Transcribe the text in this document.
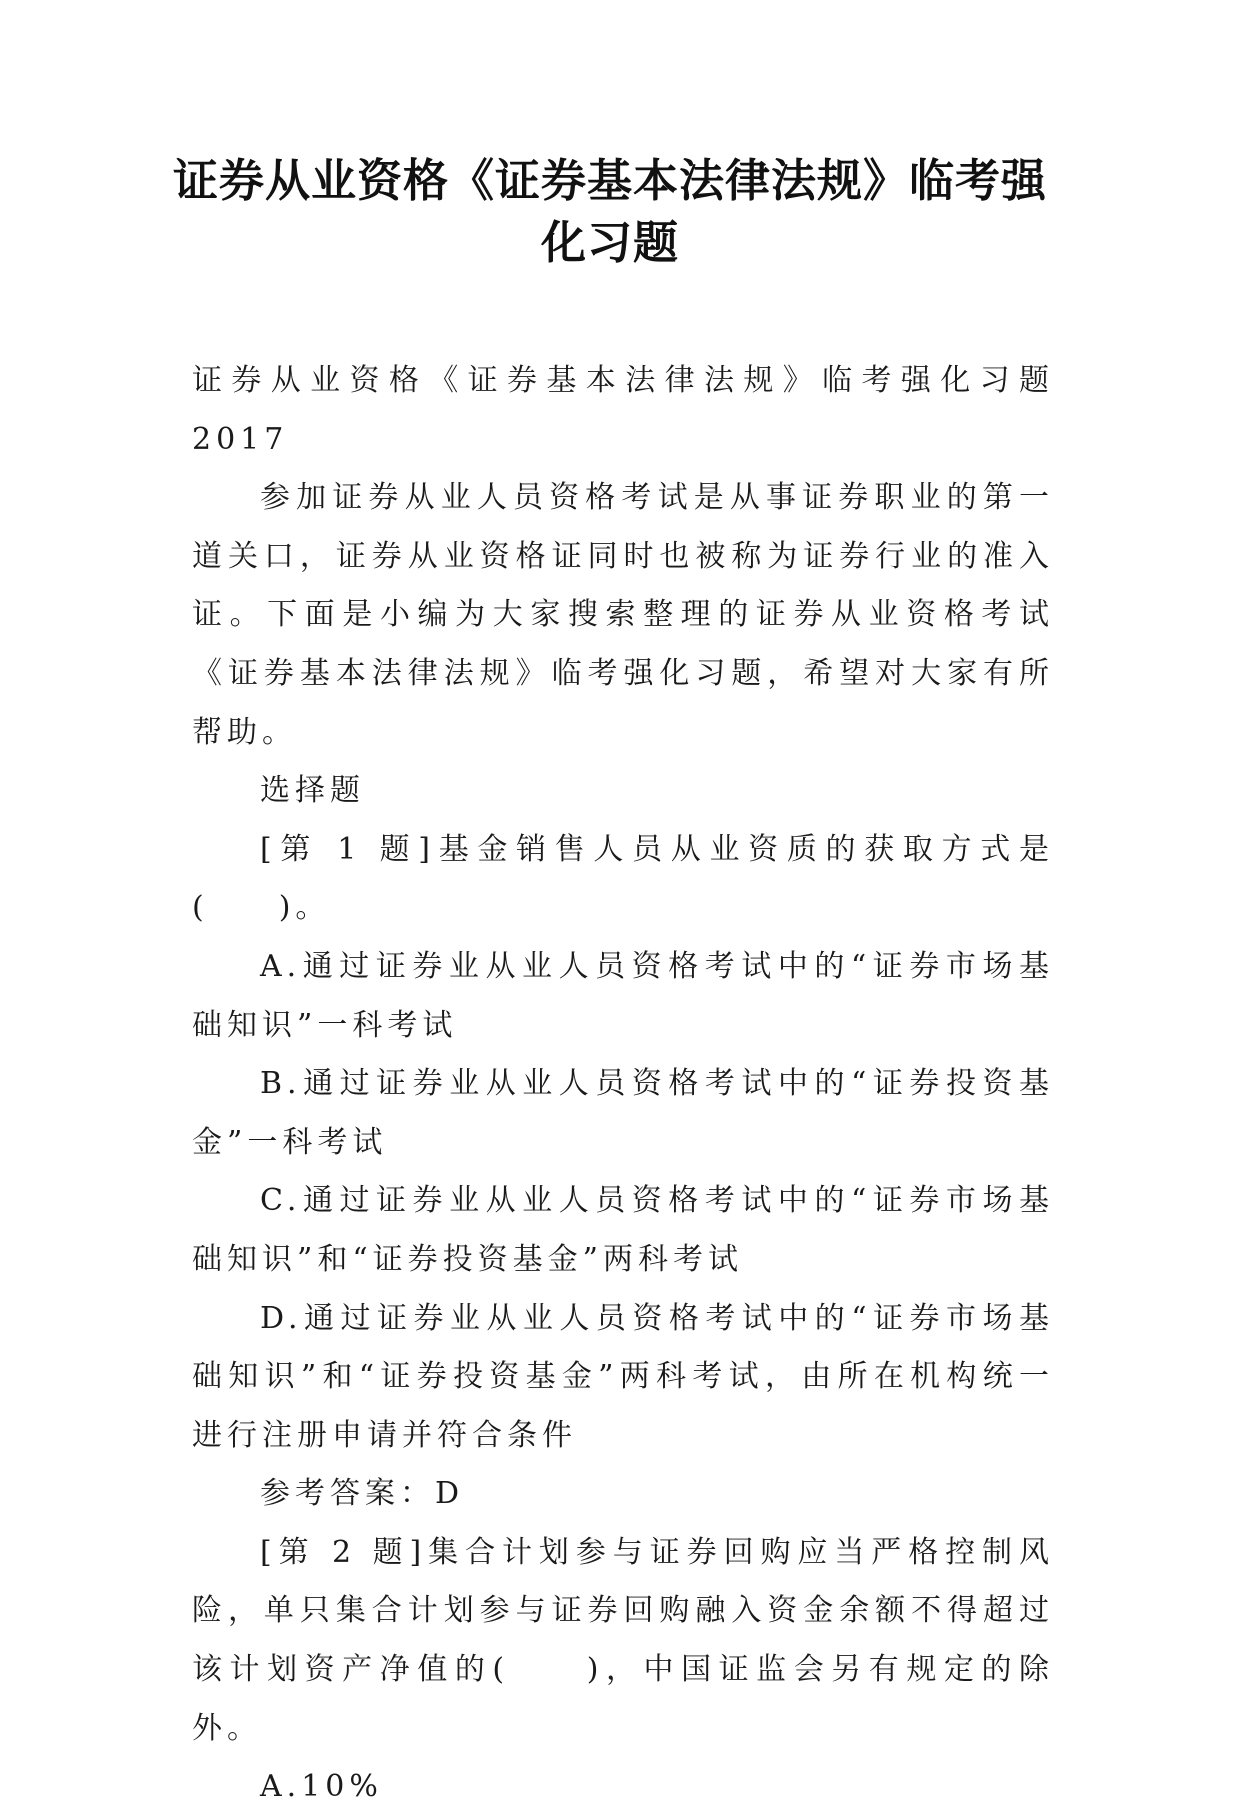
证券从业资格《证券基本法律法规》临考强化习题

证券从业资格《证券基本法律法规》临考强化习题2017

参加证券从业人员资格考试是从事证券职业的第一道关口，证券从业资格证同时也被称为证券行业的准入证。下面是小编为大家搜索整理的证券从业资格考试《证券基本法律法规》临考强化习题，希望对大家有所帮助。

选择题

[第 1 题]基金销售人员从业资质的获取方式是(　　)。

A.通过证券业从业人员资格考试中的“证券市场基础知识”一科考试

B.通过证券业从业人员资格考试中的“证券投资基金”一科考试

C.通过证券业从业人员资格考试中的“证券市场基础知识”和“证券投资基金”两科考试

D.通过证券业从业人员资格考试中的“证券市场基础知识”和“证券投资基金”两科考试，由所在机构统一进行注册申请并符合条件

参考答案：D

[第 2 题]集合计划参与证券回购应当严格控制风险，单只集合计划参与证券回购融入资金余额不得超过该计划资产净值的(　　)，中国证监会另有规定的除外。

A.10%
